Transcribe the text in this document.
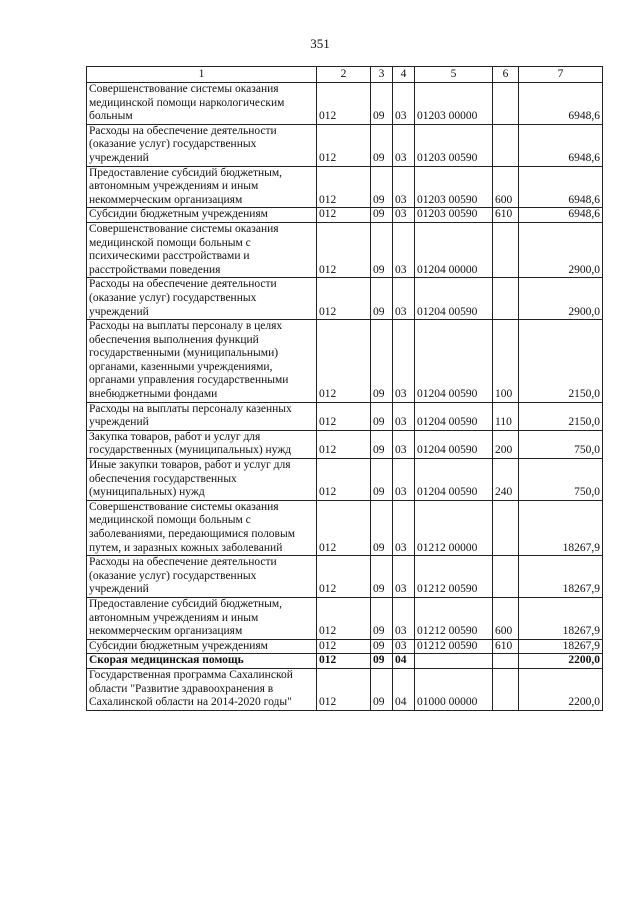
351
1	2	3	4	5	6	7
Совершенствование системы оказания медицинской помощи наркологическим больным	012	09	03	01203 00000		6948,6
Расходы на обеспечение деятельности (оказание услуг) государственных учреждений	012	09	03	01203 00590		6948,6
Предоставление субсидий бюджетным, автономным учреждениям и иным некоммерческим организациям	012	09	03	01203 00590	600	6948,6
Субсидии бюджетным учреждениям	012	09	03	01203 00590	610	6948,6
Совершенствование системы оказания медицинской помощи больным с психическими расстройствами и расстройствами поведения	012	09	03	01204 00000		2900,0
Расходы на обеспечение деятельности (оказание услуг) государственных учреждений	012	09	03	01204 00590		2900,0
Расходы на выплаты персоналу в целях обеспечения выполнения функций государственными (муниципальными) органами, казенными учреждениями, органами управления государственными внебюджетными фондами	012	09	03	01204 00590	100	2150,0
Расходы на выплаты персоналу казенных учреждений	012	09	03	01204 00590	110	2150,0
Закупка товаров, работ и услуг для государственных (муниципальных) нужд	012	09	03	01204 00590	200	750,0
Иные закупки товаров, работ и услуг для обеспечения государственных (муниципальных) нужд	012	09	03	01204 00590	240	750,0
Совершенствование системы оказания медицинской помощи больным с заболеваниями, передающимися половым путем, и заразных кожных заболеваний	012	09	03	01212 00000		18267,9
Расходы на обеспечение деятельности (оказание услуг) государственных учреждений	012	09	03	01212 00590		18267,9
Предоставление субсидий бюджетным, автономным учреждениям и иным некоммерческим организациям	012	09	03	01212 00590	600	18267,9
Субсидии бюджетным учреждениям	012	09	03	01212 00590	610	18267,9
Скорая медицинская помощь	012	09	04			2200,0
Государственная программа Сахалинской области "Развитие здравоохранения в Сахалинской области на 2014-2020 годы"	012	09	04	01000 00000		2200,0
